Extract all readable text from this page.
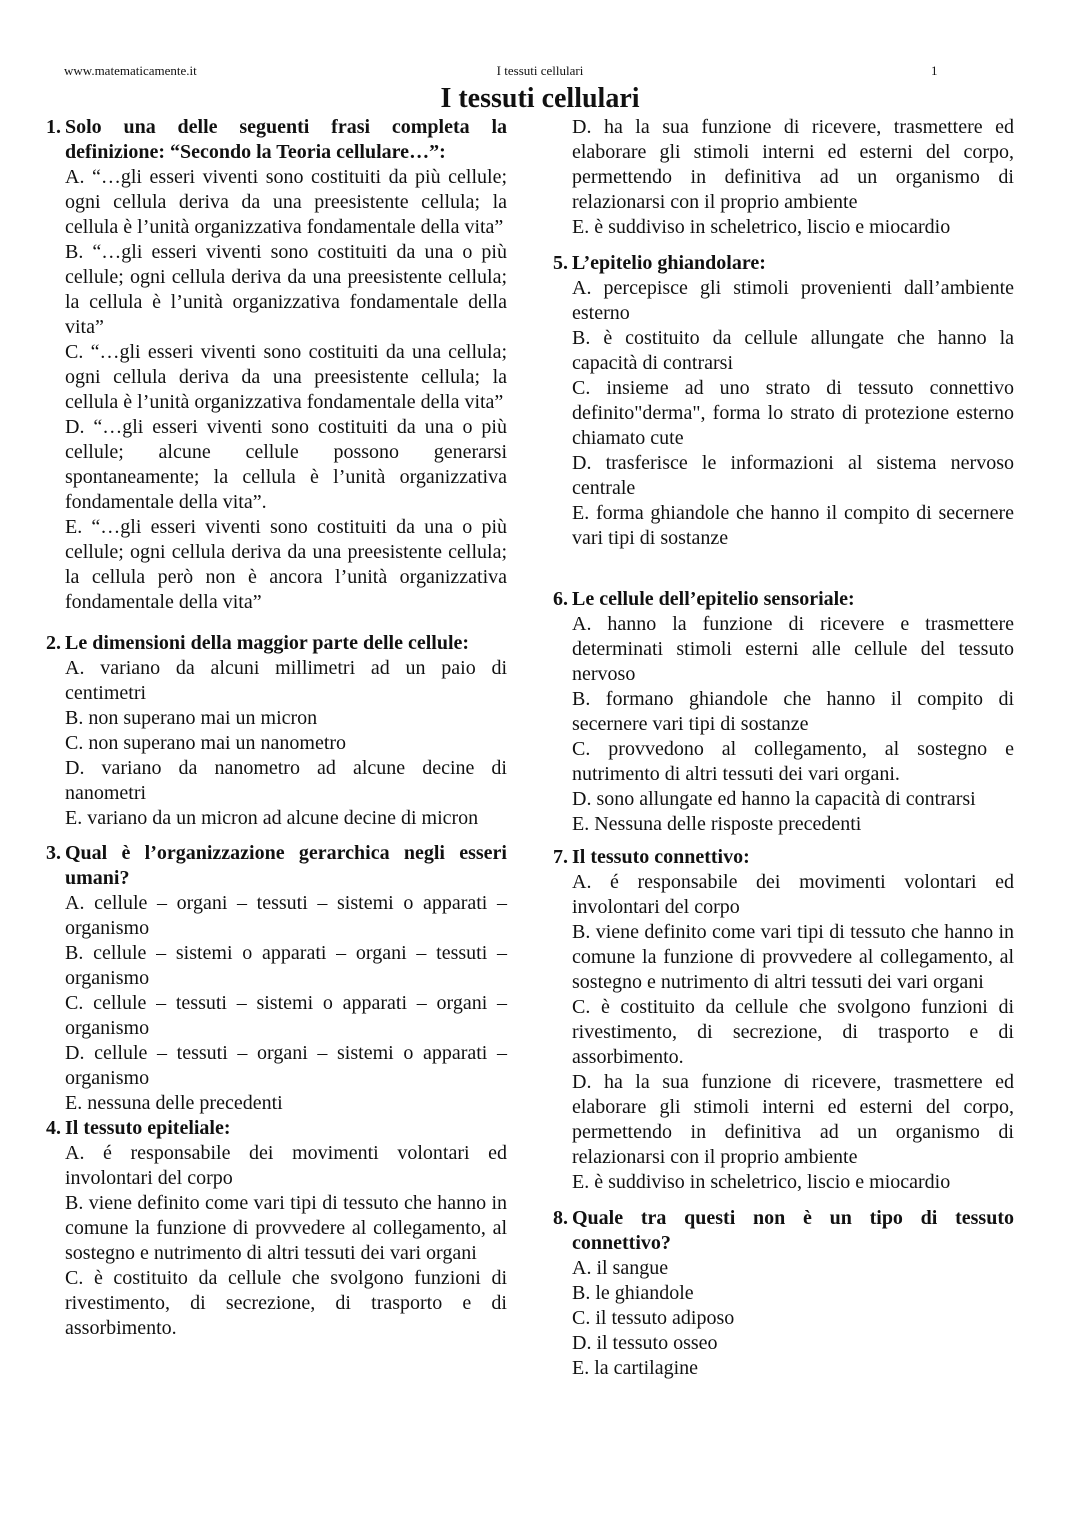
www.matematicamente.it	I tessuti cellulari	1
I tessuti cellulari
1. Solo una delle seguenti frasi completa la definizione: “Secondo la Teoria cellulare…”:
A. “…gli esseri viventi sono costituiti da più cellule; ogni cellula deriva da una preesistente cellula; la cellula è l’unità organizzativa fondamentale della vita”
B. “…gli esseri viventi sono costituiti da una o più cellule; ogni cellula deriva da una preesistente cellula; la cellula è l’unità organizzativa fondamentale della vita”
C. “…gli esseri viventi sono costituiti da una cellula; ogni cellula deriva da una preesistente cellula; la cellula è l’unità organizzativa fondamentale della vita”
D. “…gli esseri viventi sono costituiti da una o più cellule; alcune cellule possono generarsi spontaneamente; la cellula è l’unità organizzativa fondamentale della vita”.
E. “…gli esseri viventi sono costituiti da una o più cellule; ogni cellula deriva da una preesistente cellula; la cellula però non è ancora l’unità organizzativa fondamentale della vita”
2. Le dimensioni della maggior parte delle cellule:
A. variano da alcuni millimetri ad un paio di centimetri
B. non superano mai un micron
C. non superano mai un nanometro
D. variano da nanometro ad alcune decine di nanometri
E. variano da un micron ad alcune decine di micron
3. Qual è l’organizzazione gerarchica negli esseri umani?
A. cellule – organi – tessuti – sistemi o apparati – organismo
B. cellule – sistemi o apparati – organi – tessuti – organismo
C. cellule – tessuti – sistemi o apparati – organi – organismo
D. cellule – tessuti – organi – sistemi o apparati – organismo
E. nessuna delle precedenti
4. Il tessuto epiteliale:
A. é responsabile dei movimenti volontari ed involontari del corpo
B. viene definito come vari tipi di tessuto che hanno in comune la funzione di provvedere al collegamento, al sostegno e nutrimento di altri tessuti dei vari organi
C. è costituito da cellule che svolgono funzioni di rivestimento, di secrezione, di trasporto e di assorbimento.
D. ha la sua funzione di ricevere, trasmettere ed elaborare gli stimoli interni ed esterni del corpo, permettendo in definitiva ad un organismo di relazionarsi con il proprio ambiente
E. è suddiviso in scheletrico, liscio e miocardio
5. L’epitelio ghiandolare:
A. percepisce gli stimoli provenienti dall’ambiente esterno
B. è costituito da cellule allungate che hanno la capacità di contrarsi
C. insieme ad uno strato di tessuto connettivo definito"derma", forma lo strato di protezione esterno chiamato cute
D. trasferisce le informazioni al sistema nervoso centrale
E. forma ghiandole che hanno il compito di secernere vari tipi di sostanze
6. Le cellule dell’epitelio sensoriale:
A. hanno la funzione di ricevere e trasmettere determinati stimoli esterni alle cellule del tessuto nervoso
B. formano ghiandole che hanno il compito di secernere vari tipi di sostanze
C. provvedono al collegamento, al sostegno e nutrimento di altri tessuti dei vari organi.
D. sono allungate ed hanno la capacità di contrarsi
E. Nessuna delle risposte precedenti
7. Il tessuto connettivo:
A. é responsabile dei movimenti volontari ed involontari del corpo
B. viene definito come vari tipi di tessuto che hanno in comune la funzione di provvedere al collegamento, al sostegno e nutrimento di altri tessuti dei vari organi
C. è costituito da cellule che svolgono funzioni di rivestimento, di secrezione, di trasporto e di assorbimento.
D. ha la sua funzione di ricevere, trasmettere ed elaborare gli stimoli interni ed esterni del corpo, permettendo in definitiva ad un organismo di relazionarsi con il proprio ambiente
E. è suddiviso in scheletrico, liscio e miocardio
8. Quale tra questi non è un tipo di tessuto connettivo?
A. il sangue
B. le ghiandole
C. il tessuto adiposo
D. il tessuto osseo
E. la cartilagine
